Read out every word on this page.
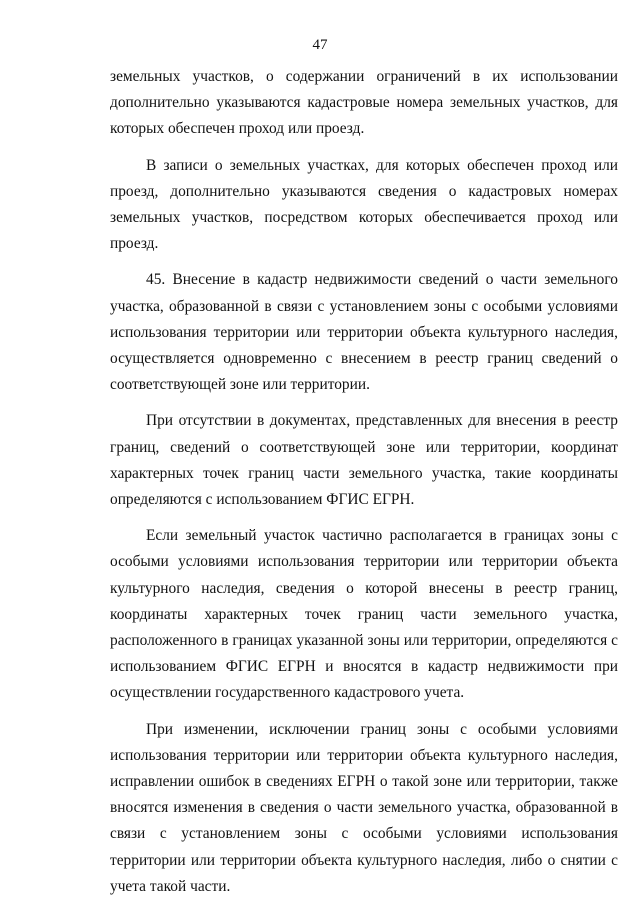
47

земельных участков, о содержании ограничений в их использовании дополнительно указываются кадастровые номера земельных участков, для которых обеспечен проход или проезд.

В записи о земельных участках, для которых обеспечен проход или проезд, дополнительно указываются сведения о кадастровых номерах земельных участков, посредством которых обеспечивается проход или проезд.

45. Внесение в кадастр недвижимости сведений о части земельного участка, образованной в связи с установлением зоны с особыми условиями использования территории или территории объекта культурного наследия, осуществляется одновременно с внесением в реестр границ сведений о соответствующей зоне или территории.

При отсутствии в документах, представленных для внесения в реестр границ, сведений о соответствующей зоне или территории, координат характерных точек границ части земельного участка, такие координаты определяются с использованием ФГИС ЕГРН.

Если земельный участок частично располагается в границах зоны с особыми условиями использования территории или территории объекта культурного наследия, сведения о которой внесены в реестр границ, координаты характерных точек границ части земельного участка, расположенного в границах указанной зоны или территории, определяются с использованием ФГИС ЕГРН и вносятся в кадастр недвижимости при осуществлении государственного кадастрового учета.

При изменении, исключении границ зоны с особыми условиями использования территории или территории объекта культурного наследия, исправлении ошибок в сведениях ЕГРН о такой зоне или территории, также вносятся изменения в сведения о части земельного участка, образованной в связи с установлением зоны с особыми условиями использования территории или территории объекта культурного наследия, либо о снятии с учета такой части.
